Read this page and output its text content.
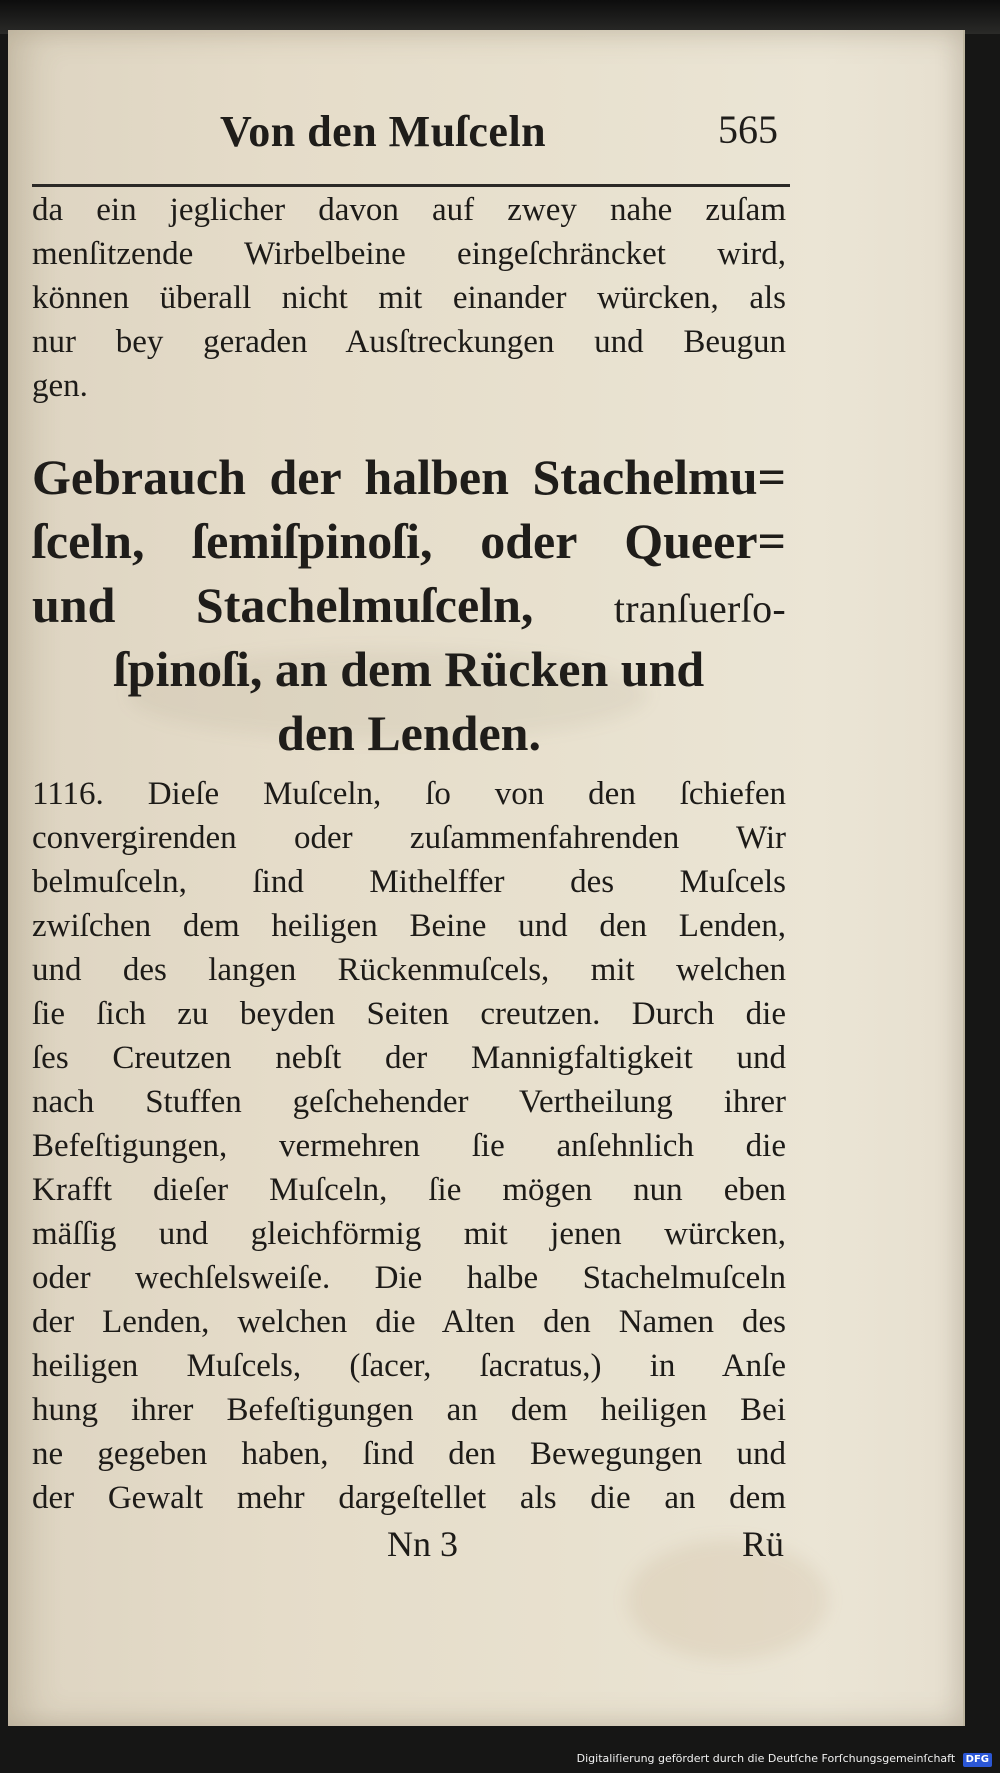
Von den Muſceln	565
da ein jeglicher davon auf zwey nahe zuſam
menſitzende Wirbelbeine eingeſchräncket wird,
können überall nicht mit einander würcken, als
nur bey geraden Ausſtreckungen und Beugun
gen.
Gebrauch der halben Stachelmu=
ſceln, ſemiſpinoſi, oder Queer=
und Stachelmuſceln, tranſuerſo-
ſpinoſi, an dem Rücken und
den Lenden.
1116. Dieſe Muſceln, ſo von den ſchiefen
convergirenden oder zuſammenfahrenden Wir
belmuſceln, ſind Mithelffer des Muſcels
zwiſchen dem heiligen Beine und den Lenden,
und des langen Rückenmuſcels, mit welchen
ſie ſich zu beyden Seiten creutzen. Durch die
ſes Creutzen nebſt der Mannigfaltigkeit und
nach Stuffen geſchehender Vertheilung ihrer
Befeſtigungen, vermehren ſie anſehnlich die
Krafft dieſer Muſceln, ſie mögen nun eben
mäſſig und gleichförmig mit jenen würcken,
oder wechſelsweiſe. Die halbe Stachelmuſceln
der Lenden, welchen die Alten den Namen des
heiligen Muſcels, (ſacer, ſacratus,) in Anſe
hung ihrer Befeſtigungen an dem heiligen Bei
ne gegeben haben, ſind den Bewegungen und
der Gewalt mehr dargeſtellet als die an dem
Nn 3	Rü
Digitaliſierung gefördert durch die Deutſche Forſchungsgemeinſchaft DFG
